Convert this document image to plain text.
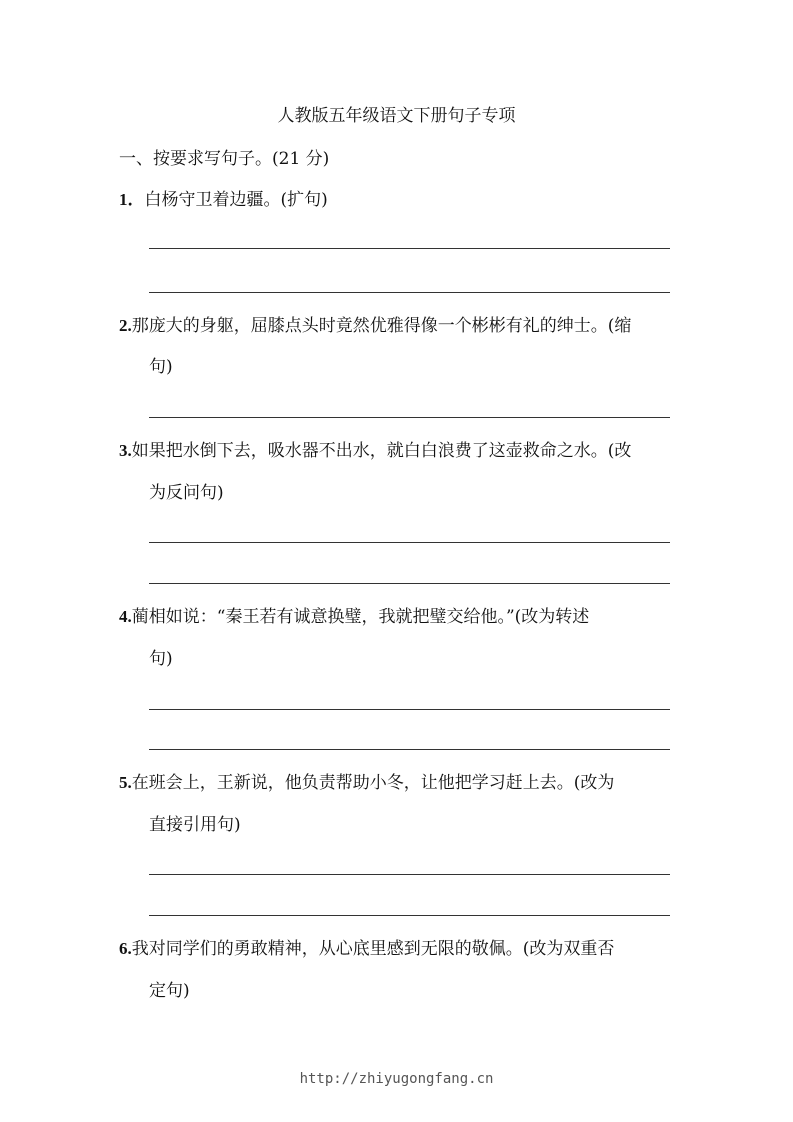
人教版五年级语文下册句子专项
一、按要求写句子。(21 分)
1．白杨守卫着边疆。(扩句)
2.那庞大的身躯，屈膝点头时竟然优雅得像一个彬彬有礼的绅士。(缩
句)
3.如果把水倒下去，吸水器不出水，就白白浪费了这壶救命之水。(改
为反问句)
4.蔺相如说：“秦王若有诚意换璧，我就把璧交给他。”(改为转述
句)
5.在班会上，王新说，他负责帮助小冬，让他把学习赶上去。(改为
直接引用句)
6.我对同学们的勇敢精神，从心底里感到无限的敬佩。(改为双重否
定句)
http://zhiyugongfang.cn
